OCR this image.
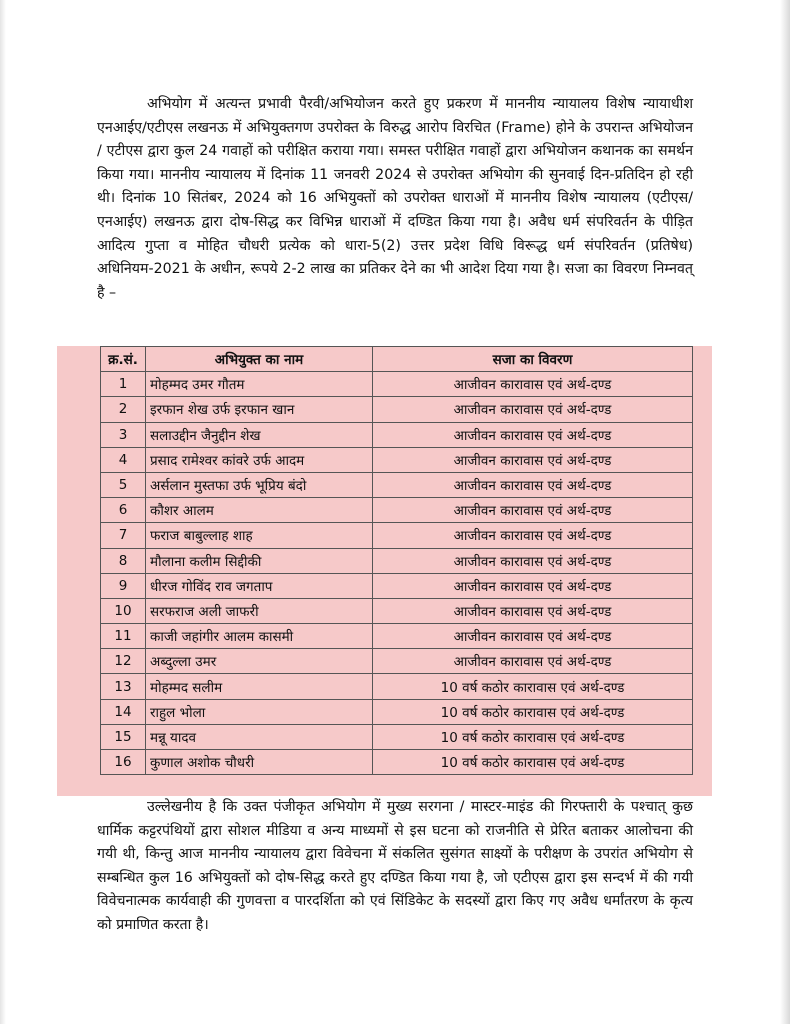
अभियोग में अत्यन्त प्रभावी पैरवी/अभियोजन करते हुए प्रकरण में माननीय न्यायालय विशेष न्यायाधीश एनआईए/एटीएस लखनऊ में अभियुक्तगण उपरोक्त के विरुद्ध आरोप विरचित (Frame) होने के उपरान्त अभियोजन / एटीएस द्वारा कुल 24 गवाहों को परीक्षित कराया गया। समस्त परीक्षित गवाहों द्वारा अभियोजन कथानक का समर्थन किया गया। माननीय न्यायालय में दिनांक 11 जनवरी 2024 से उपरोक्त अभियोग की सुनवाई दिन-प्रतिदिन हो रही थी। दिनांक 10 सितंबर, 2024 को 16 अभियुक्तों को उपरोक्त धाराओं में माननीय विशेष न्यायालय (एटीएस/एनआईए) लखनऊ द्वारा दोष-सिद्ध कर विभिन्न धाराओं में दण्डित किया गया है। अवैध धर्म संपरिवर्तन के पीड़ित आदित्य गुप्ता व मोहित चौधरी प्रत्येक को धारा-5(2) उत्तर प्रदेश विधि विरूद्ध धर्म संपरिवर्तन (प्रतिषेध) अधिनियम-2021 के अधीन, रूपये 2-2 लाख का प्रतिकर देने का भी आदेश दिया गया है। सजा का विवरण निम्नवत् है –

क्र.सं.	अभियुक्त का नाम	सजा का विवरण
1	मोहम्मद उमर गौतम	आजीवन कारावास एवं अर्थ-दण्ड
2	इरफान शेख उर्फ इरफान खान	आजीवन कारावास एवं अर्थ-दण्ड
3	सलाउद्दीन जैनुद्दीन शेख	आजीवन कारावास एवं अर्थ-दण्ड
4	प्रसाद रामेश्वर कांवरे उर्फ आदम	आजीवन कारावास एवं अर्थ-दण्ड
5	अर्सलान मुस्तफा उर्फ भूप्रिय बंदो	आजीवन कारावास एवं अर्थ-दण्ड
6	कौशर आलम	आजीवन कारावास एवं अर्थ-दण्ड
7	फराज बाबुल्लाह शाह	आजीवन कारावास एवं अर्थ-दण्ड
8	मौलाना कलीम सिद्दीकी	आजीवन कारावास एवं अर्थ-दण्ड
9	धीरज गोविंद राव जगताप	आजीवन कारावास एवं अर्थ-दण्ड
10	सरफराज अली जाफरी	आजीवन कारावास एवं अर्थ-दण्ड
11	काजी जहांगीर आलम कासमी	आजीवन कारावास एवं अर्थ-दण्ड
12	अब्दुल्ला उमर	आजीवन कारावास एवं अर्थ-दण्ड
13	मोहम्मद सलीम	10 वर्ष कठोर कारावास एवं अर्थ-दण्ड
14	राहुल भोला	10 वर्ष कठोर कारावास एवं अर्थ-दण्ड
15	मन्नू यादव	10 वर्ष कठोर कारावास एवं अर्थ-दण्ड
16	कुणाल अशोक चौधरी	10 वर्ष कठोर कारावास एवं अर्थ-दण्ड

उल्लेखनीय है कि उक्त पंजीकृत अभियोग में मुख्य सरगना / मास्टर-माइंड की गिरफ्तारी के पश्चात् कुछ धार्मिक कट्टरपंथियों द्वारा सोशल मीडिया व अन्य माध्यमों से इस घटना को राजनीति से प्रेरित बताकर आलोचना की गयी थी, किन्तु आज माननीय न्यायालय द्वारा विवेचना में संकलित सुसंगत साक्ष्यों के परीक्षण के उपरांत अभियोग से सम्बन्धित कुल 16 अभियुक्तों को दोष-सिद्ध करते हुए दण्डित किया गया है, जो एटीएस द्वारा इस सन्दर्भ में की गयी विवेचनात्मक कार्यवाही की गुणवत्ता व पारदर्शिता को एवं सिंडिकेट के सदस्यों द्वारा किए गए अवैध धर्मांतरण के कृत्य को प्रमाणित करता है।
